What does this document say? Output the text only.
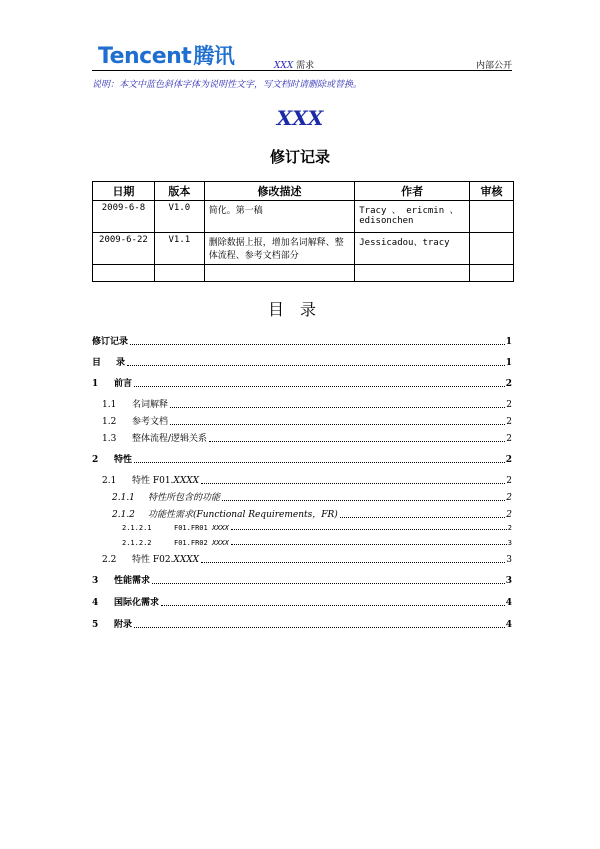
Tencent腾讯	XXX 需求	内部公开
说明：本文中蓝色斜体字体为说明性文字，写文档时请删除或替换。
XXX
修订记录
日期	版本	修改描述	作者	审核
2009-6-8	V1.0	简化。第一稿	Tracy 、 ericmin 、 edisonchen	
2009-6-22	V1.1	删除数据上报，增加名词解释、整体流程、参考文档部分	Jessicadou、tracy	

目录
修订记录	1
目	录	1
1	前言	2
1.1	名词解释	2
1.2	参考文档	2
1.3	整体流程/逻辑关系	2
2	特性	2
2.1	特性 F01.XXXX	2
2.1.1	特性所包含的功能	2
2.1.2	功能性需求(Functional Requirements，FR)	2
2.1.2.1	F01.FR01 XXXX	2
2.1.2.2	F01.FR02 XXXX	3
2.2	特性 F02.XXXX	3
3	性能需求	3
4	国际化需求	4
5	附录	4
